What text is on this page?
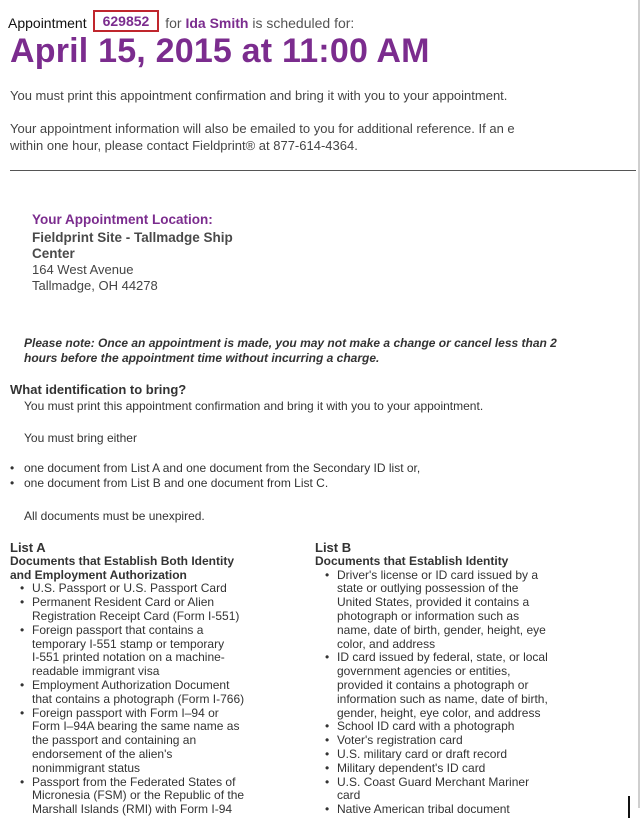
Appointment 629852 for Ida Smith is scheduled for:
April 15, 2015 at 11:00 AM
You must print this appointment confirmation and bring it with you to your appointment.
Your appointment information will also be emailed to you for additional reference. If an e
within one hour, please contact Fieldprint® at 877-614-4364.
Your Appointment Location:
Fieldprint Site - Tallmadge Ship
Center
164 West Avenue
Tallmadge, OH 44278
Please note: Once an appointment is made, you may not make a change or cancel less than 2
hours before the appointment time without incurring a charge.
What identification to bring?
You must print this appointment confirmation and bring it with you to your appointment.
You must bring either
• one document from List A and one document from the Secondary ID list or,
• one document from List B and one document from List C.
All documents must be unexpired.
List A
Documents that Establish Both Identity
and Employment Authorization
• U.S. Passport or U.S. Passport Card
• Permanent Resident Card or Alien
Registration Receipt Card (Form I-551)
• Foreign passport that contains a
temporary I-551 stamp or temporary
I-551 printed notation on a machine-
readable immigrant visa
• Employment Authorization Document
that contains a photograph (Form I-766)
• Foreign passport with Form I–94 or
Form I–94A bearing the same name as
the passport and containing an
endorsement of the alien's
nonimmigrant status
• Passport from the Federated States of
Micronesia (FSM) or the Republic of the
Marshall Islands (RMI) with Form I-94
List B
Documents that Establish Identity
• Driver's license or ID card issued by a
state or outlying possession of the
United States, provided it contains a
photograph or information such as
name, date of birth, gender, height, eye
color, and address
• ID card issued by federal, state, or local
government agencies or entities,
provided it contains a photograph or
information such as name, date of birth,
gender, height, eye color, and address
• School ID card with a photograph
• Voter's registration card
• U.S. military card or draft record
• Military dependent's ID card
• U.S. Coast Guard Merchant Mariner
card
• Native American tribal document
